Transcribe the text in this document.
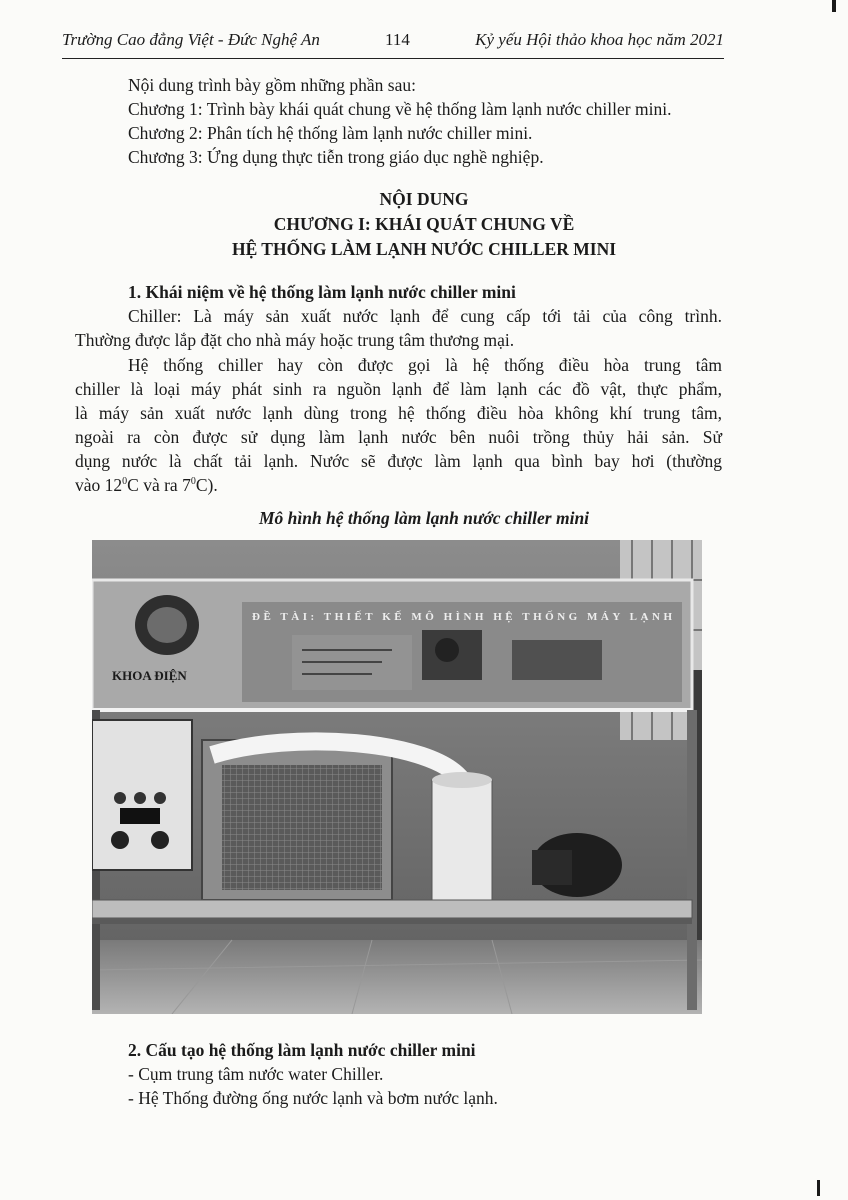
Trường Cao đẳng Việt - Đức Nghệ An	114	Kỷ yếu Hội thảo khoa học năm 2021
Nội dung trình bày gồm những phần sau:
Chương 1: Trình bày khái quát chung về hệ thống làm lạnh nước chiller mini.
Chương 2: Phân tích hệ thống làm lạnh nước chiller mini.
Chương 3: Ứng dụng thực tiễn trong giáo dục nghề nghiệp.
NỘI DUNG
CHƯƠNG I: KHÁI QUÁT CHUNG VỀ
HỆ THỐNG LÀM LẠNH NƯỚC CHILLER MINI
1. Khái niệm về hệ thống làm lạnh nước chiller mini
Chiller: Là máy sản xuất nước lạnh để cung cấp tới tải của công trình.
Thường được lắp đặt cho nhà máy hoặc trung tâm thương mại.
Hệ thống chiller hay còn được gọi là hệ thống điều hòa trung tâm
chiller là loại máy phát sinh ra nguồn lạnh để làm lạnh các đồ vật, thực phẩm,
là máy sản xuất nước lạnh dùng trong hệ thống điều hòa không khí trung tâm,
ngoài ra còn được sử dụng làm lạnh nước bên nuôi trồng thủy hải sản. Sử
dụng nước là chất tải lạnh. Nước sẽ được làm lạnh qua bình bay hơi (thường
vào $12^0C$ và ra $7^0C$).
Mô hình hệ thống làm lạnh nước chiller mini
KHOA ĐIỆN
ĐỀ TÀI: THIẾT KẾ MÔ HÌNH HỆ THỐNG MÁY LẠNH
2. Cấu tạo hệ thống làm lạnh nước chiller mini
- Cụm trung tâm nước water Chiller.
- Hệ Thống đường ống nước lạnh và bơm nước lạnh.
